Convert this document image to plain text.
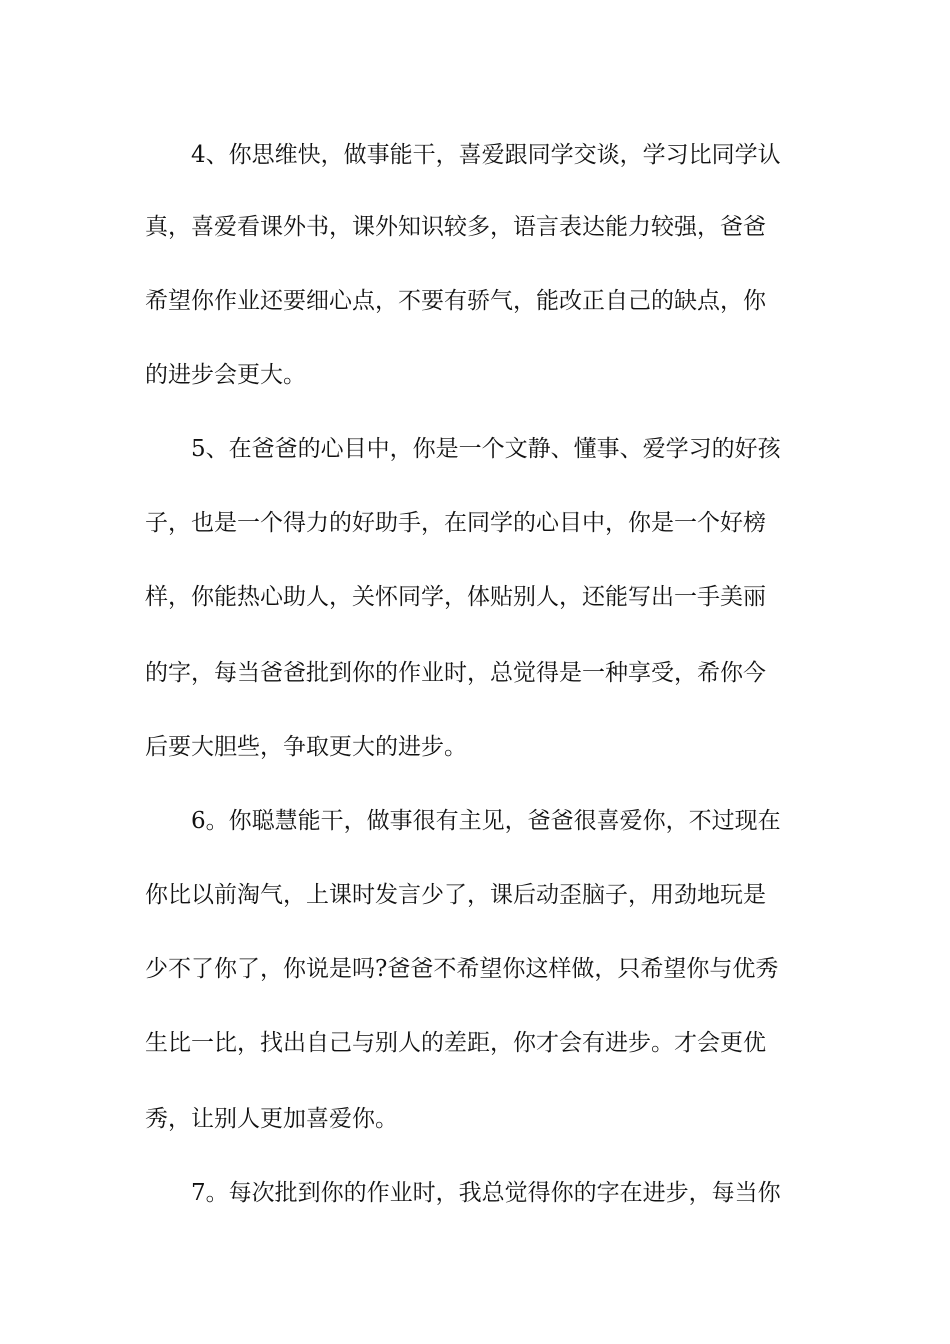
4、你思维快，做事能干，喜爱跟同学交谈，学习比同学认
真，喜爱看课外书，课外知识较多，语言表达能力较强，爸爸
希望你作业还要细心点，不要有骄气，能改正自己的缺点，你
的进步会更大。
5、在爸爸的心目中，你是一个文静、懂事、爱学习的好孩
子，也是一个得力的好助手，在同学的心目中，你是一个好榜
样，你能热心助人，关怀同学，体贴别人，还能写出一手美丽
的字，每当爸爸批到你的作业时，总觉得是一种享受，希你今
后要大胆些，争取更大的进步。
6。你聪慧能干，做事很有主见，爸爸很喜爱你，不过现在
你比以前淘气，上课时发言少了，课后动歪脑子，用劲地玩是
少不了你了，你说是吗?爸爸不希望你这样做，只希望你与优秀
生比一比，找出自己与别人的差距，你才会有进步。才会更优
秀，让别人更加喜爱你。
7。每次批到你的作业时，我总觉得你的字在进步，每当你
